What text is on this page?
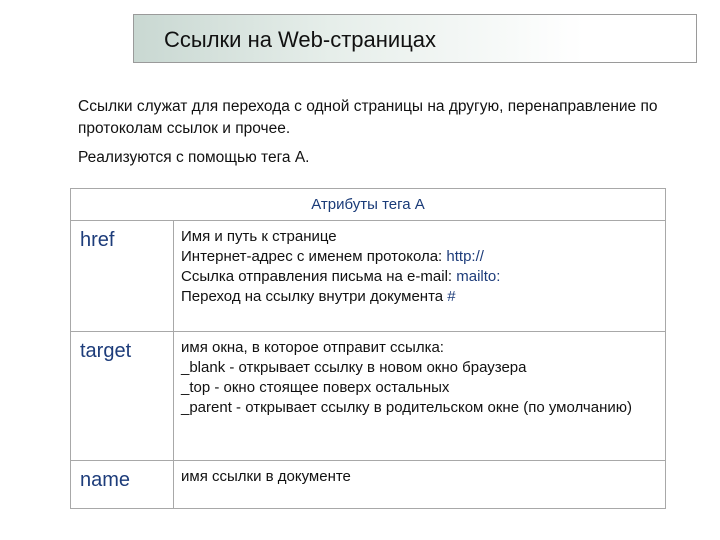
Ссылки на Web-страницах

Ссылки служат для перехода с одной страницы на другую, перенаправление по протоколам ссылок и прочее.

Реализуются с помощью тега А.

Атрибуты тега А	
href	Имя и путь к странице
Интернет-адрес с именем протокола: http://
Ссылка отправления письма на e-mail: mailto:
Переход на ссылку внутри документа #

target	имя окна, в которое отправит ссылка:
_blank - открывает ссылку в новом окно браузера
_top - окно стоящее поверх остальных
_parent - открывает ссылку в родительском окне (по умолчанию)

name	имя ссылки в документе
